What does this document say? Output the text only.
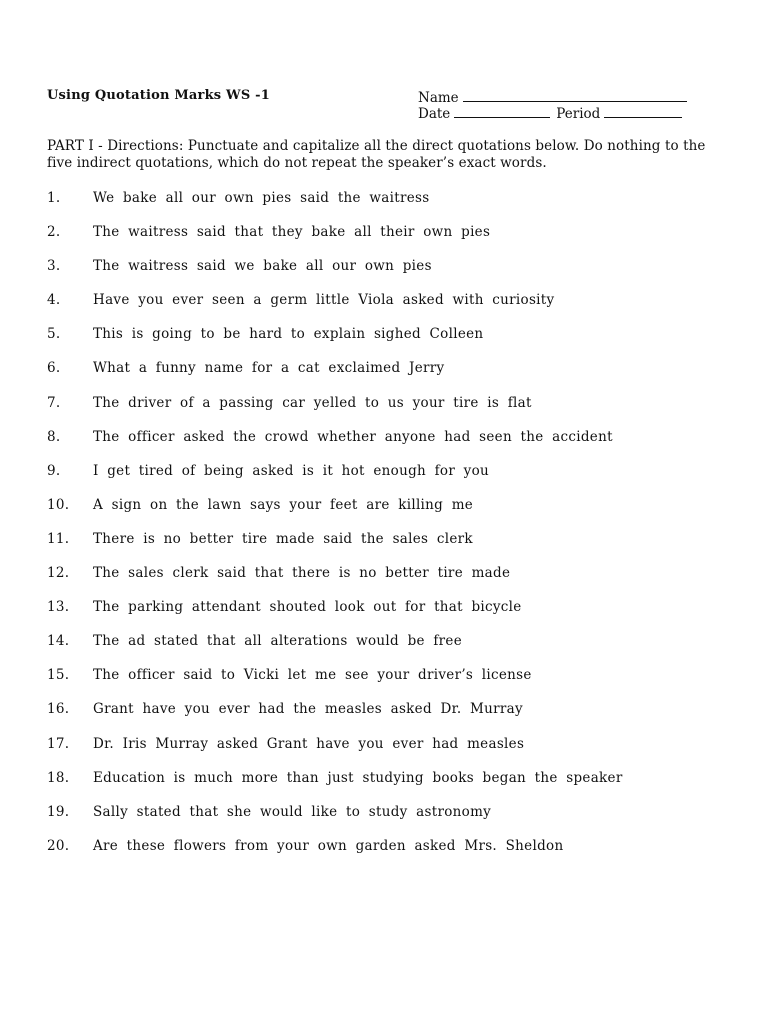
Using Quotation Marks WS -1	Name
Date	Period
PART I - Directions: Punctuate and capitalize all the direct quotations below. Do nothing to the five indirect quotations, which do not repeat the speaker’s exact words.
1. We bake all our own pies said the waitress
2. The waitress said that they bake all their own pies
3. The waitress said we bake all our own pies
4. Have you ever seen a germ little Viola asked with curiosity
5. This is going to be hard to explain sighed Colleen
6. What a funny name for a cat exclaimed Jerry
7. The driver of a passing car yelled to us your tire is flat
8. The officer asked the crowd whether anyone had seen the accident
9. I get tired of being asked is it hot enough for you
10. A sign on the lawn says your feet are killing me
11. There is no better tire made said the sales clerk
12. The sales clerk said that there is no better tire made
13. The parking attendant shouted look out for that bicycle
14. The ad stated that all alterations would be free
15. The officer said to Vicki let me see your driver’s license
16. Grant have you ever had the measles asked Dr. Murray
17. Dr. Iris Murray asked Grant have you ever had measles
18. Education is much more than just studying books began the speaker
19. Sally stated that she would like to study astronomy
20. Are these flowers from your own garden asked Mrs. Sheldon
